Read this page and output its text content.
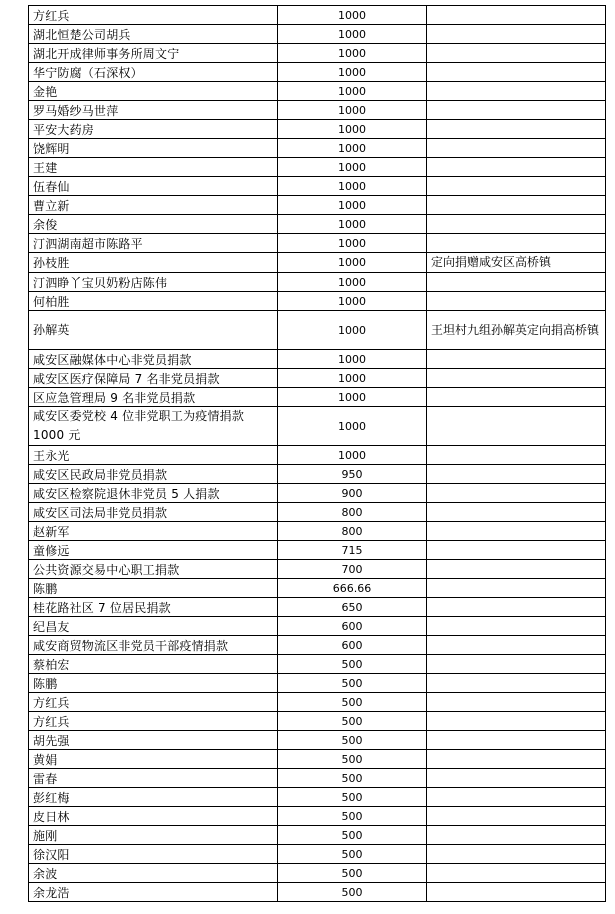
方红兵	1000	
湖北恒楚公司胡兵	1000	
湖北开成律师事务所周文宁	1000	
华宁防腐（石深权）	1000	
金艳	1000	
罗马婚纱马世萍	1000	
平安大药房	1000	
饶辉明	1000	
王建	1000	
伍春仙	1000	
曹立新	1000	
余俊	1000	
汀泗湖南超市陈路平	1000	
孙枝胜	1000	定向捐赠咸安区高桥镇
汀泗睁丫宝贝奶粉店陈伟	1000	
何柏胜	1000	
孙解英	1000	王坦村九组孙解英定向捐高桥镇
咸安区融媒体中心非党员捐款	1000	
咸安区医疗保障局 7 名非党员捐款	1000	
区应急管理局 9 名非党员捐款	1000	
咸安区委党校 4 位非党职工为疫情捐款 1000 元	1000	
王永光	1000	
咸安区民政局非党员捐款	950	
咸安区检察院退休非党员 5 人捐款	900	
咸安区司法局非党员捐款	800	
赵新军	800	
童修远	715	
公共资源交易中心职工捐款	700	
陈鹏	666.66	
桂花路社区 7 位居民捐款	650	
纪昌友	600	
咸安商贸物流区非党员干部疫情捐款	600	
蔡柏宏	500	
陈鹏	500	
方红兵	500	
方红兵	500	
胡先强	500	
黄娟	500	
雷春	500	
彭红梅	500	
皮日林	500	
施刚	500	
徐汉阳	500	
余波	500	
余龙浩	500	
